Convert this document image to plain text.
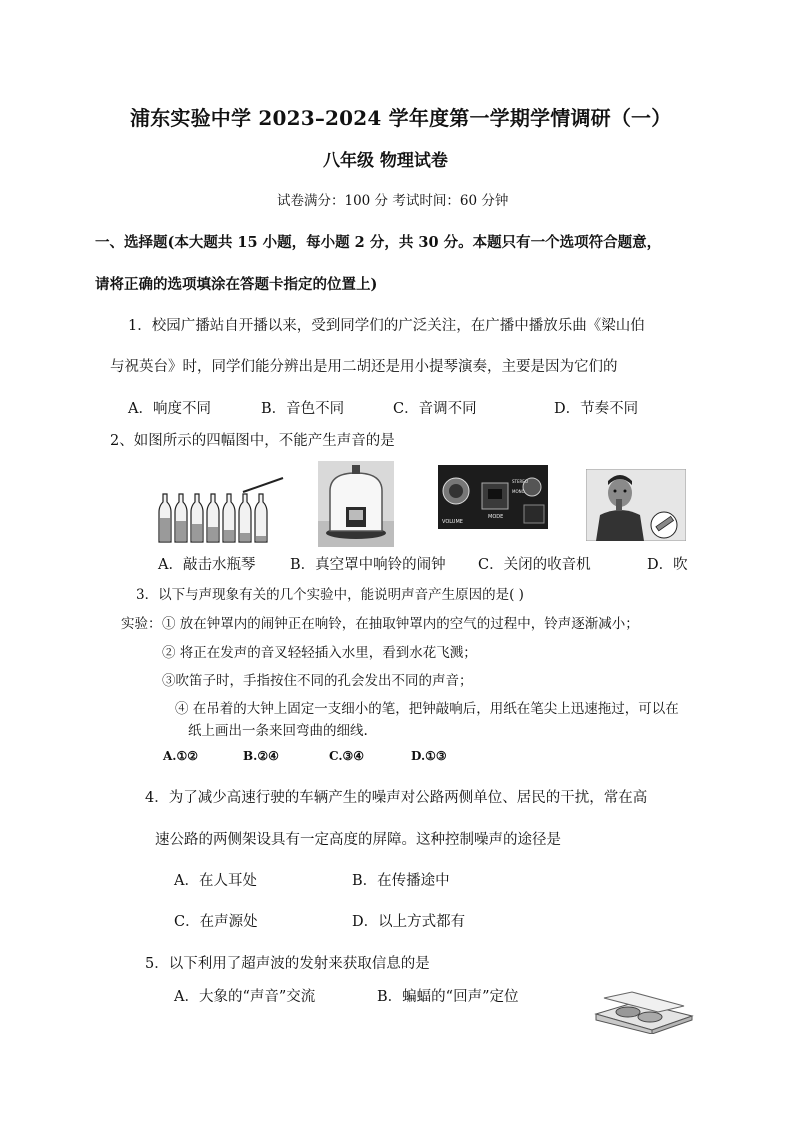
浦东实验中学 2023–2024 学年度第一学期学情调研（一）
八年级 物理试卷
试卷满分：100 分 考试时间：60 分钟
一、选择题(本大题共 15 小题，每小题 2 分，共 30 分。本题只有一个选项符合题意，
请将正确的选项填涂在答题卡指定的位置上)
1．校园广播站自开播以来，受到同学们的广泛关注，在广播中播放乐曲《梁山伯
与祝英台》时，同学们能分辨出是用二胡还是用小提琴演奏，主要是因为它们的
A．响度不同	B．音色不同	C．音调不同	D．节奏不同
2、如图所示的四幅图中，不能产生声音的是
VOLUME
MODE
STEREO
MONO
A．敲击水瓶琴 B．真空罩中响铃的闹钟 C．关闭的收音机	D．吹
3．以下与声现象有关的几个实验中，能说明声音产生原因的是( )
实验： ① 放在钟罩内的闹钟正在响铃，在抽取钟罩内的空气的过程中，铃声逐渐减小；
② 将正在发声的音叉轻轻插入水里，看到水花飞溅；
③吹笛子时，手指按住不同的孔会发出不同的声音；
④ 在吊着的大钟上固定一支细小的笔，把钟敲响后，用纸在笔尖上迅速拖过，可以在
纸上画出一条来回弯曲的细线.
A.①②	B.②④	C.③④	D.①③
4．为了减少高速行驶的车辆产生的噪声对公路两侧单位、居民的干扰，常在高
速公路的两侧架设具有一定高度的屏障。这种控制噪声的途径是
A．在人耳处	B．在传播途中
C．在声源处	D．以上方式都有
5．以下利用了超声波的发射来获取信息的是
A．大象的“声音”交流	B．蝙蝠的“回声”定位
